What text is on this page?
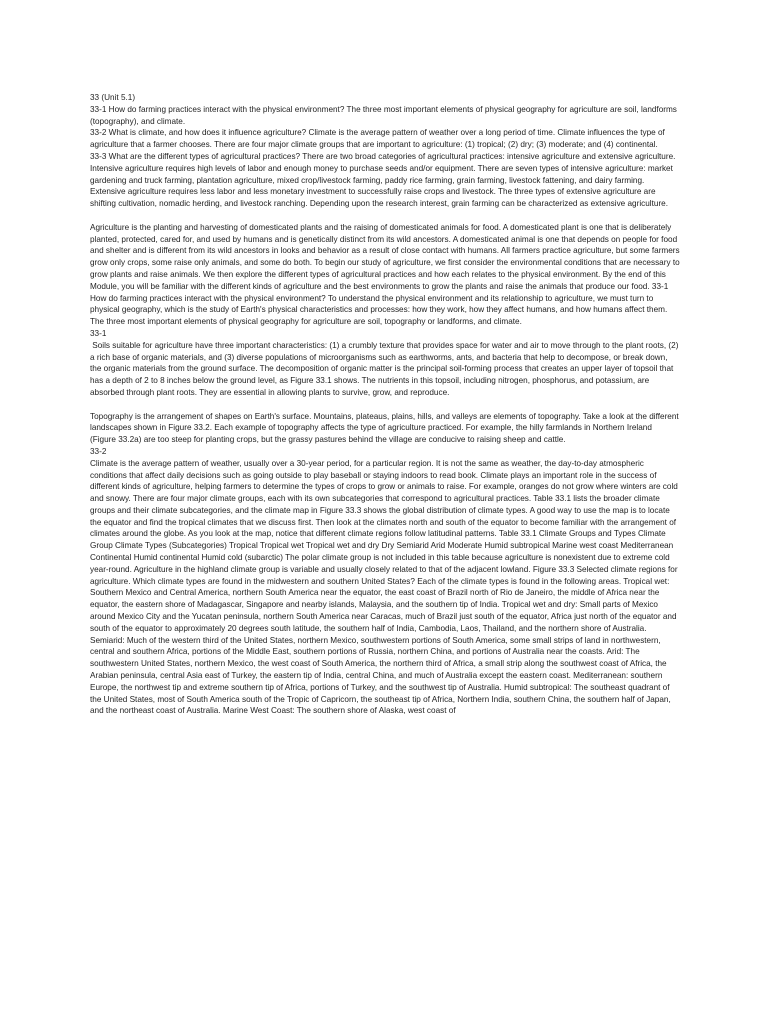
33 (Unit 5.1)
33-1 How do farming practices interact with the physical environment? The three most important elements of physical geography for agriculture are soil, landforms (topography), and climate.
33-2 What is climate, and how does it influence agriculture? Climate is the average pattern of weather over a long period of time. Climate influences the type of agriculture that a farmer chooses. There are four major climate groups that are important to agriculture: (1) tropical; (2) dry; (3) moderate; and (4) continental.
33-3 What are the different types of agricultural practices? There are two broad categories of agricultural practices: intensive agriculture and extensive agriculture. Intensive agriculture requires high levels of labor and enough money to purchase seeds and/or equipment. There are seven types of intensive agriculture: market gardening and truck farming, plantation agriculture, mixed crop/livestock farming, paddy rice farming, grain farming, livestock fattening, and dairy farming. Extensive agriculture requires less labor and less monetary investment to successfully raise crops and livestock. The three types of extensive agriculture are shifting cultivation, nomadic herding, and livestock ranching. Depending upon the research interest, grain farming can be characterized as extensive agriculture.
Agriculture is the planting and harvesting of domesticated plants and the raising of domesticated animals for food. A domesticated plant is one that is deliberately planted, protected, cared for, and used by humans and is genetically distinct from its wild ancestors. A domesticated animal is one that depends on people for food and shelter and is different from its wild ancestors in looks and behavior as a result of close contact with humans. All farmers practice agriculture, but some farmers grow only crops, some raise only animals, and some do both. To begin our study of agriculture, we first consider the environmental conditions that are necessary to grow plants and raise animals. We then explore the different types of agricultural practices and how each relates to the physical environment. By the end of this Module, you will be familiar with the different kinds of agriculture and the best environments to grow the plants and raise the animals that produce our food. 33-1 How do farming practices interact with the physical environment? To understand the physical environment and its relationship to agriculture, we must turn to physical geography, which is the study of Earth's physical characteristics and processes: how they work, how they affect humans, and how humans affect them. The three most important elements of physical geography for agriculture are soil, topography or landforms, and climate.
33-1
Soils suitable for agriculture have three important characteristics: (1) a crumbly texture that provides space for water and air to move through to the plant roots, (2) a rich base of organic materials, and (3) diverse populations of microorganisms such as earthworms, ants, and bacteria that help to decompose, or break down, the organic materials from the ground surface. The decomposition of organic matter is the principal soil-forming process that creates an upper layer of topsoil that has a depth of 2 to 8 inches below the ground level, as Figure 33.1 shows. The nutrients in this topsoil, including nitrogen, phosphorus, and potassium, are absorbed through plant roots. They are essential in allowing plants to survive, grow, and reproduce.
Topography is the arrangement of shapes on Earth's surface. Mountains, plateaus, plains, hills, and valleys are elements of topography. Take a look at the different landscapes shown in Figure 33.2. Each example of topography affects the type of agriculture practiced. For example, the hilly farmlands in Northern Ireland (Figure 33.2a) are too steep for planting crops, but the grassy pastures behind the village are conducive to raising sheep and cattle.
33-2
Climate is the average pattern of weather, usually over a 30-year period, for a particular region. It is not the same as weather, the day-to-day atmospheric conditions that affect daily decisions such as going outside to play baseball or staying indoors to read book. Climate plays an important role in the success of different kinds of agriculture, helping farmers to determine the types of crops to grow or animals to raise. For example, oranges do not grow where winters are cold and snowy. There are four major climate groups, each with its own subcategories that correspond to agricultural practices. Table 33.1 lists the broader climate groups and their climate subcategories, and the climate map in Figure 33.3 shows the global distribution of climate types. A good way to use the map is to locate the equator and find the tropical climates that we discuss first. Then look at the climates north and south of the equator to become familiar with the arrangement of climates around the globe. As you look at the map, notice that different climate regions follow latitudinal patterns. Table 33.1 Climate Groups and Types Climate Group Climate Types (Subcategories) Tropical Tropical wet Tropical wet and dry Dry Semiarid Arid Moderate Humid subtropical Marine west coast Mediterranean Continental Humid continental Humid cold (subarctic) The polar climate group is not included in this table because agriculture is nonexistent due to extreme cold year-round. Agriculture in the highland climate group is variable and usually closely related to that of the adjacent lowland. Figure 33.3 Selected climate regions for agriculture. Which climate types are found in the midwestern and southern United States? Each of the climate types is found in the following areas. Tropical wet: Southern Mexico and Central America, northern South America near the equator, the east coast of Brazil north of Rio de Janeiro, the middle of Africa near the equator, the eastern shore of Madagascar, Singapore and nearby islands, Malaysia, and the southern tip of India. Tropical wet and dry: Small parts of Mexico around Mexico City and the Yucatan peninsula, northern South America near Caracas, much of Brazil just south of the equator, Africa just north of the equator and south of the equator to approximately 20 degrees south latitude, the southern half of India, Cambodia, Laos, Thailand, and the northern shore of Australia. Semiarid: Much of the western third of the United States, northern Mexico, southwestern portions of South America, some small strips of land in northwestern, central and southern Africa, portions of the Middle East, southern portions of Russia, northern China, and portions of Australia near the coasts. Arid: The southwestern United States, northern Mexico, the west coast of South America, the northern third of Africa, a small strip along the southwest coast of Africa, the Arabian peninsula, central Asia east of Turkey, the eastern tip of India, central China, and much of Australia except the eastern coast. Mediterranean: southern Europe, the northwest tip and extreme southern tip of Africa, portions of Turkey, and the southwest tip of Australia. Humid subtropical: The southeast quadrant of the United States, most of South America south of the Tropic of Capricorn, the southeast tip of Africa, Northern India, southern China, the southern half of Japan, and the northeast coast of Australia. Marine West Coast: The southern shore of Alaska, west coast of
